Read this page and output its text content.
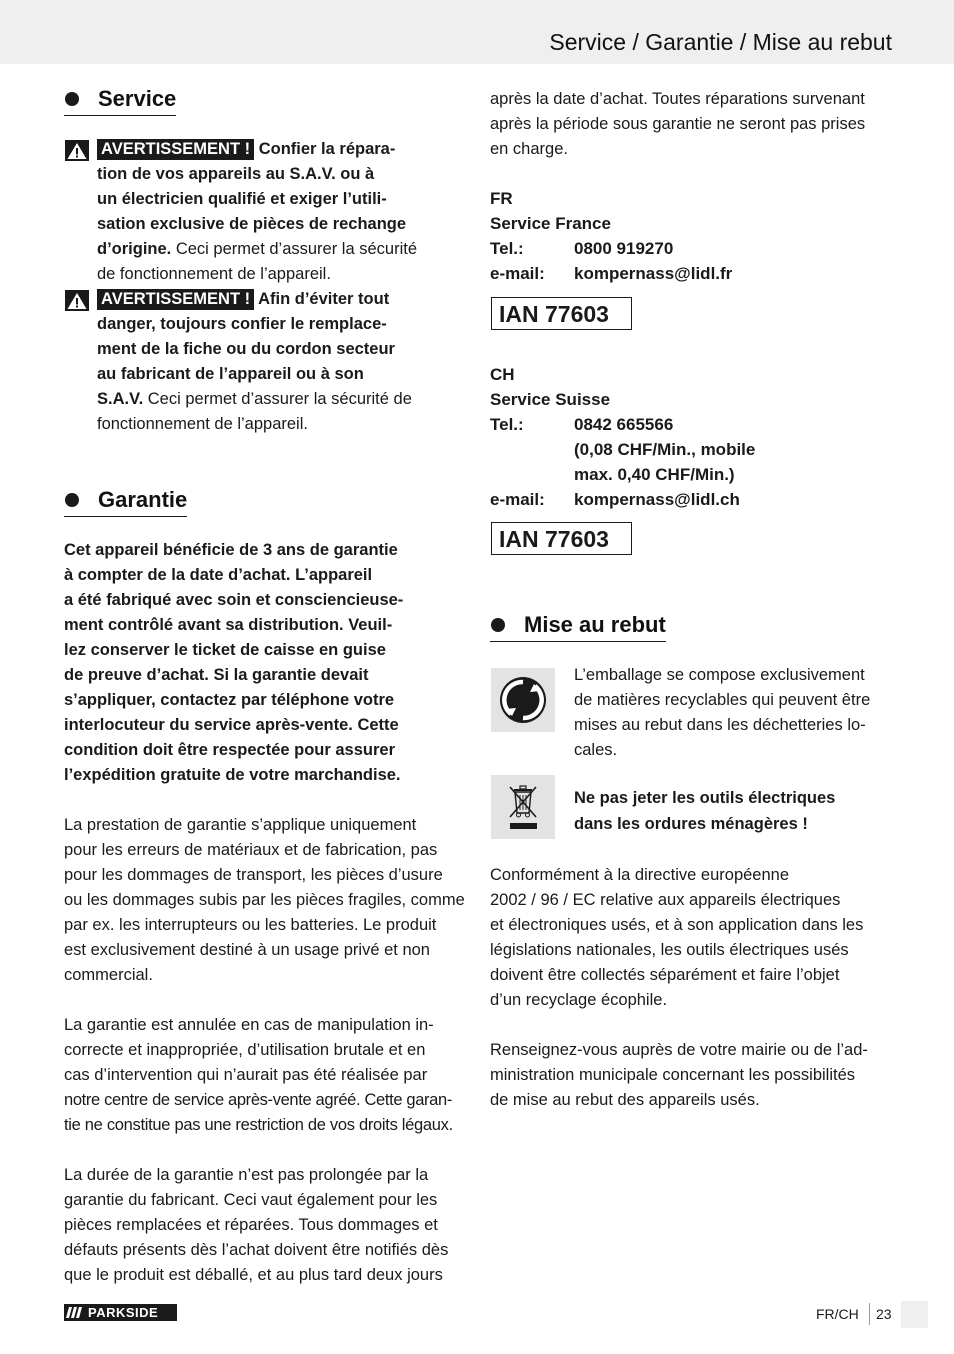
Service / Garantie / Mise au rebut
Service
AVERTISSEMENT ! Confier la répara-
tion de vos appareils au S.A.V. ou à
un électricien qualifié et exiger l’utili-
sation exclusive de pièces de rechange
d’origine. Ceci permet d’assurer la sécurité
de fonctionnement de l’appareil.
AVERTISSEMENT ! Afin d’éviter tout
danger, toujours confier le remplace-
ment de la fiche ou du cordon secteur
au fabricant de l’appareil ou à son
S.A.V. Ceci permet d’assurer la sécurité de
fonctionnement de l’appareil.
Garantie
Cet appareil bénéficie de 3 ans de garantie
à compter de la date d’achat. L’appareil
a été fabriqué avec soin et consciencieuse-
ment contrôlé avant sa distribution. Veuil-
lez conserver le ticket de caisse en guise
de preuve d’achat. Si la garantie devait
s’appliquer, contactez par téléphone votre
interlocuteur du service après-vente. Cette
condition doit être respectée pour assurer
l’expédition gratuite de votre marchandise.
La prestation de garantie s’applique uniquement
pour les erreurs de matériaux et de fabrication, pas
pour les dommages de transport, les pièces d’usure
ou les dommages subis par les pièces fragiles, comme
par ex. les interrupteurs ou les batteries. Le produit
est exclusivement destiné à un usage privé et non
commercial.
La garantie est annulée en cas de manipulation in-
correcte et inappropriée, d’utilisation brutale et en
cas d’intervention qui n’aurait pas été réalisée par
notre centre de service après-vente agréé. Cette garan-
tie ne constitue pas une restriction de vos droits légaux.
La durée de la garantie n’est pas prolongée par la
garantie du fabricant. Ceci vaut également pour les
pièces remplacées et réparées. Tous dommages et
défauts présents dès l’achat doivent être notifiés dès
que le produit est déballé, et au plus tard deux jours
après la date d’achat. Toutes réparations survenant
après la période sous garantie ne seront pas prises
en charge.
FR
Service France
Tel.:	0800 919270
e-mail: kompernass@lidl.fr
IAN 77603
CH
Service Suisse
Tel.:	0842 665566
(0,08 CHF/Min., mobile
max. 0,40 CHF/Min.)
e-mail: kompernass@lidl.ch
IAN 77603
Mise au rebut
L’emballage se compose exclusivement
de matières recyclables qui peuvent être
mises au rebut dans les déchetteries lo-
cales.
Ne pas jeter les outils électriques
dans les ordures ménagères !
Conformément à la directive européenne
2002 / 96 / EC relative aux appareils électriques
et électroniques usés, et à son application dans les
législations nationales, les outils électriques usés
doivent être collectés séparément et faire l’objet
d’un recyclage écophile.
Renseignez-vous auprès de votre mairie ou de l’ad-
ministration municipale concernant les possibilités
de mise au rebut des appareils usés.
PARKSIDE	FR/CH 23
